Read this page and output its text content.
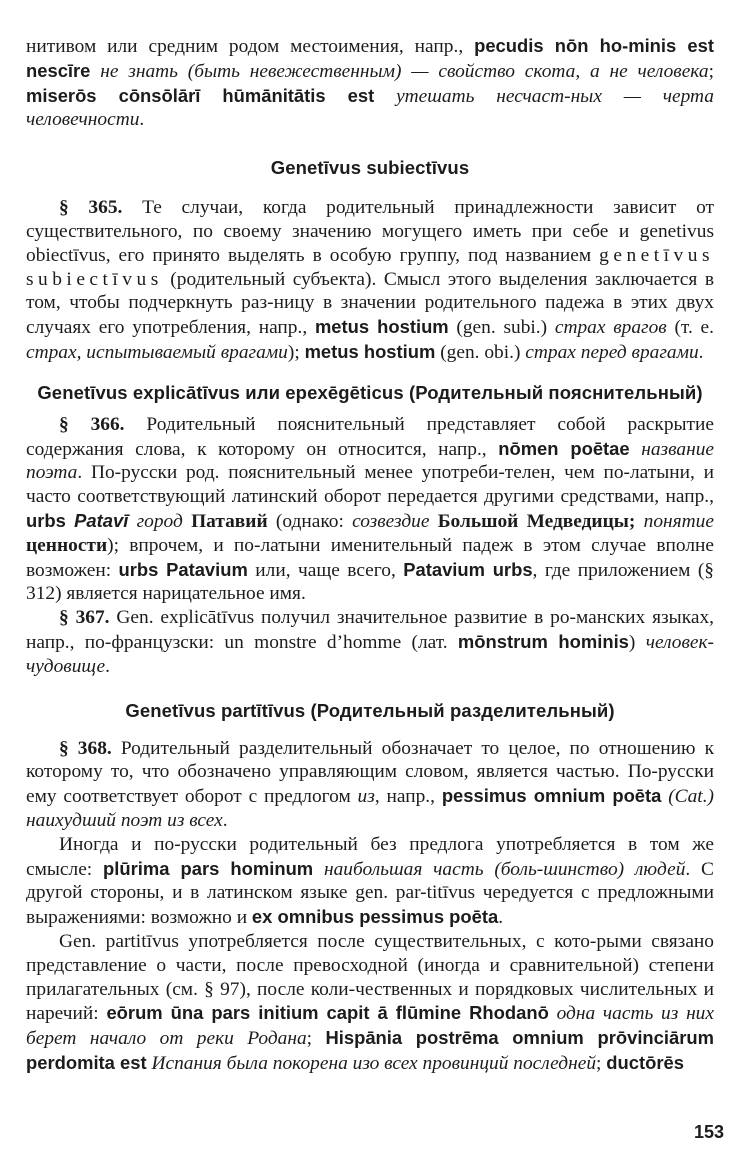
нитивом или средним родом местоимения, напр., pecudis nōn ho-minis est nescīre не знать (быть невежественным) — свойство скота, а не человека; miserōs cōnsōlārī hūmānitātis est утешать несчаст-ных — черта человечности.

Genetīvus subiectīvus

§ 365. Те случаи, когда родительный принадлежности зависит от существительного, по своему значению могущего иметь при себе и genetivus obiectīvus, его принято выделять в особую группу, под названием genetīvus subiectīvus (родительный субъекта). Смысл этого выделения заключается в том, чтобы подчеркнуть раз-ницу в значении родительного падежа в этих двух случаях его употребления, напр., metus hostium (gen. subi.) страх врагов (т. е. страх, испытываемый врагами); metus hostium (gen. obi.) страх перед врагами.

Genetīvus explicātīvus или epexēgēticus (Родительный пояснительный)

§ 366. Родительный пояснительный представляет собой раскрытие содержания слова, к которому он относится, напр., nōmen poētae название поэта. По-русски род. пояснительный менее употреби-телен, чем по-латыни, и часто соответствующий латинский оборот передается другими средствами, напр., urbs Patavī город Патавий (однако: созвездие Большой Медведицы; понятие ценности); впрочем, и по-латыни именительный падеж в этом случае вполне возможен: urbs Patavium или, чаще всего, Patavium urbs, где приложением (§ 312) является нарицательное имя.

§ 367. Gen. explicātīvus получил значительное развитие в ро-манских языках, напр., по-французски: un monstre d’homme (лат. mōnstrum hominis) человек-чудовище.

Genetīvus partītīvus (Родительный разделительный)

§ 368. Родительный разделительный обозначает то целое, по отношению к которому то, что обозначено управляющим словом, является частью. По-русски ему соответствует оборот с предлогом из, напр., pessimus omnium poēta (Cat.) наихудший поэт из всех.

Иногда и по-русски родительный без предлога употребляется в том же смысле: plūrima pars hominum наибольшая часть (боль-шинство) людей. С другой стороны, и в латинском языке gen. par-titīvus чередуется с предложными выражениями: возможно и ex omnibus pessimus poēta.

Gen. partitīvus употребляется после существительных, с кото-рыми связано представление о части, после превосходной (иногда и сравнительной) степени прилагательных (см. § 97), после коли-чественных и порядковых числительных и наречий: eōrum ūna pars initium capit ā flūmine Rhodanō одна часть из них берет начало от реки Родана; Hispānia postrēma omnium prōvinciārum perdomita est Испания была покорена изо всех провинций последней; ductōrēs

153
